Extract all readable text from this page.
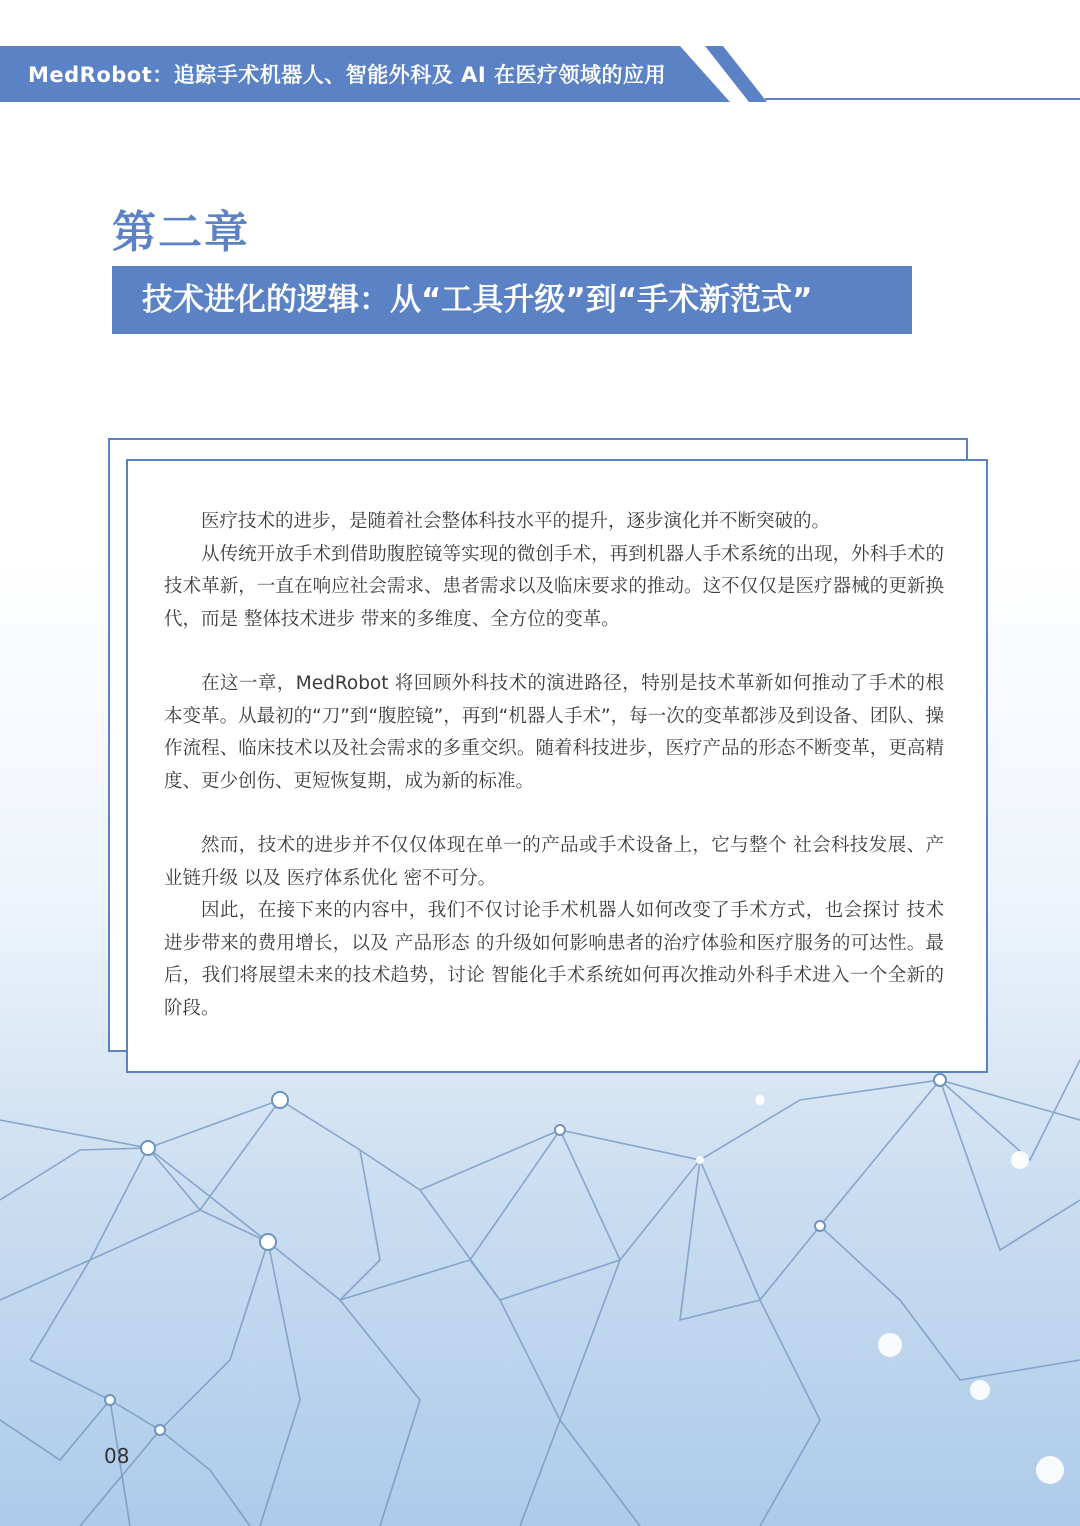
MedRobot：追踪手术机器人、智能外科及 AI 在医疗领域的应用
第二章
技术进化的逻辑：从“工具升级”到“手术新范式”

医疗技术的进步，是随着社会整体科技水平的提升，逐步演化并不断突破的。

从传统开放手术到借助腹腔镜等实现的微创手术，再到机器人手术系统的出现，外科手术的技术革新，一直在响应社会需求、患者需求以及临床要求的推动。这不仅仅是医疗器械的更新换代，而是 整体技术进步 带来的多维度、全方位的变革。

在这一章，MedRobot 将回顾外科技术的演进路径，特别是技术革新如何推动了手术的根本变革。从最初的“刀”到“腹腔镜”，再到“机器人手术”，每一次的变革都涉及到设备、团队、操作流程、临床技术以及社会需求的多重交织。随着科技进步，医疗产品的形态不断变革，更高精度、更少创伤、更短恢复期，成为新的标准。

然而，技术的进步并不仅仅体现在单一的产品或手术设备上，它与整个 社会科技发展、产业链升级 以及 医疗体系优化 密不可分。

因此，在接下来的内容中，我们不仅讨论手术机器人如何改变了手术方式，也会探讨 技术进步带来的费用增长，以及 产品形态 的升级如何影响患者的治疗体验和医疗服务的可达性。最后，我们将展望未来的技术趋势，讨论 智能化手术系统如何再次推动外科手术进入一个全新的阶段。

08
